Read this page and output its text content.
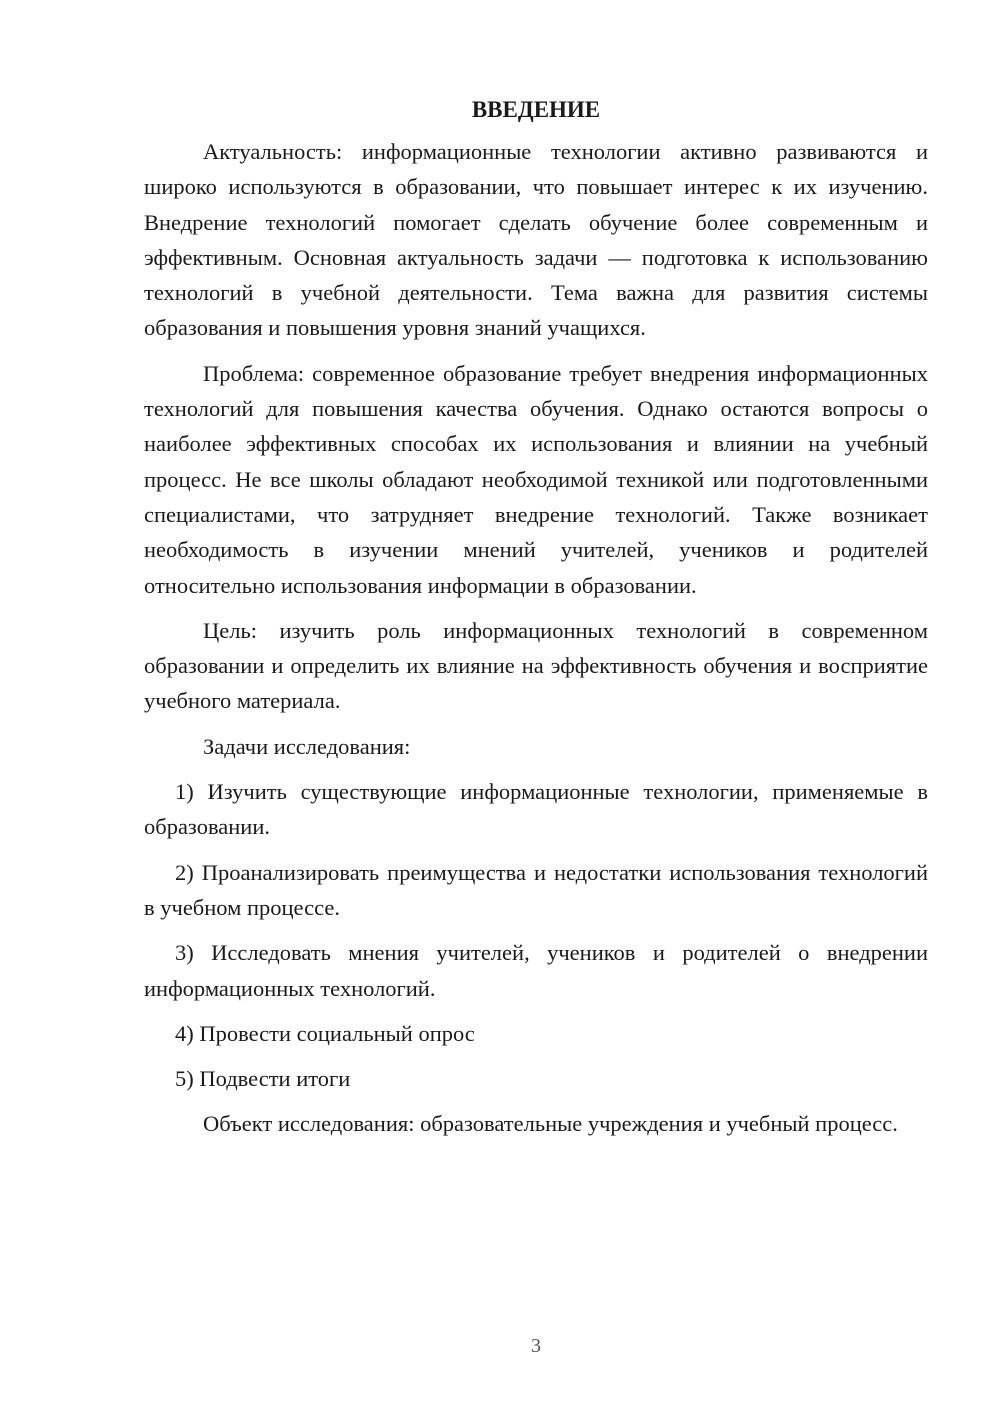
ВВЕДЕНИЕ

Актуальность: информационные технологии активно развиваются и широко используются в образовании, что повышает интерес к их изучению. Внедрение технологий помогает сделать обучение более современным и эффективным. Основная актуальность задачи — подготовка к использованию технологий в учебной деятельности. Тема важна для развития системы образования и повышения уровня знаний учащихся.

Проблема: современное образование требует внедрения информационных технологий для повышения качества обучения. Однако остаются вопросы о наиболее эффективных способах их использования и влиянии на учебный процесс. Не все школы обладают необходимой техникой или подготовленными специалистами, что затрудняет внедрение технологий. Также возникает необходимость в изучении мнений учителей, учеников и родителей относительно использования информации в образовании.

Цель: изучить роль информационных технологий в современном образовании и определить их влияние на эффективность обучения и восприятие учебного материала.

Задачи исследования:

1) Изучить существующие информационные технологии, применяемые в образовании.

2) Проанализировать преимущества и недостатки использования технологий в учебном процессе.

3) Исследовать мнения учителей, учеников и родителей о внедрении информационных технологий.

4) Провести социальный опрос

5) Подвести итоги

Объект исследования: образовательные учреждения и учебный процесс.

3
